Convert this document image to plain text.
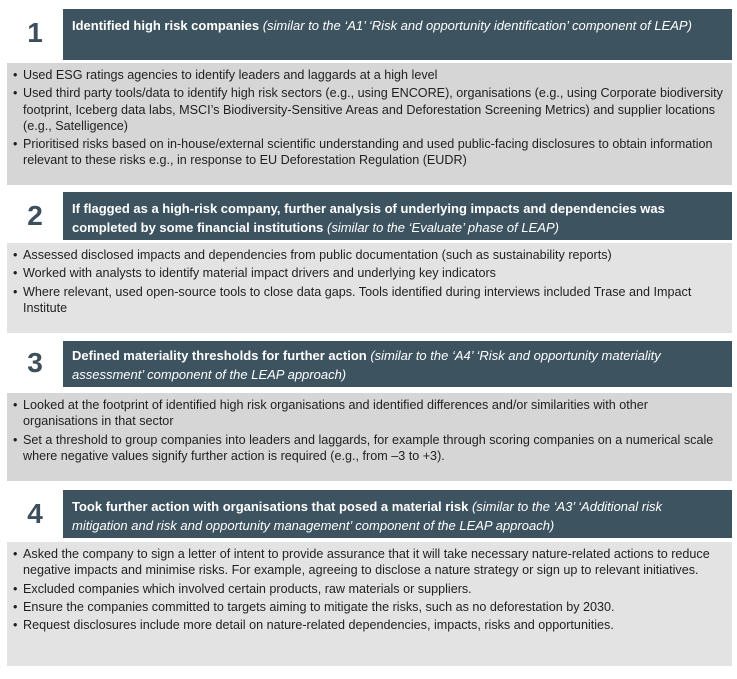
1	Identified high risk companies (similar to the ‘A1’ ‘Risk and opportunity identification’ component of LEAP)
• Used ESG ratings agencies to identify leaders and laggards at a high level
• Used third party tools/data to identify high risk sectors (e.g., using ENCORE), organisations (e.g., using Corporate biodiversity footprint, Iceberg data labs, MSCI’s Biodiversity-Sensitive Areas and Deforestation Screening Metrics) and supplier locations (e.g., Satelligence)
• Prioritised risks based on in-house/external scientific understanding and used public-facing disclosures to obtain information relevant to these risks e.g., in response to EU Deforestation Regulation (EUDR)
2	If flagged as a high-risk company, further analysis of underlying impacts and dependencies was completed by some financial institutions (similar to the ‘Evaluate’ phase of LEAP)
• Assessed disclosed impacts and dependencies from public documentation (such as sustainability reports)
• Worked with analysts to identify material impact drivers and underlying key indicators
• Where relevant, used open-source tools to close data gaps. Tools identified during interviews included Trase and Impact Institute
3	Defined materiality thresholds for further action (similar to the ‘A4’ ‘Risk and opportunity materiality assessment’ component of the LEAP approach)
• Looked at the footprint of identified high risk organisations and identified differences and/or similarities with other organisations in that sector
• Set a threshold to group companies into leaders and laggards, for example through scoring companies on a numerical scale where negative values signify further action is required (e.g., from –3 to +3).
4	Took further action with organisations that posed a material risk (similar to the ‘A3’ ‘Additional risk mitigation and risk and opportunity management’ component of the LEAP approach)
• Asked the company to sign a letter of intent to provide assurance that it will take necessary nature-related actions to reduce negative impacts and minimise risks. For example, agreeing to disclose a nature strategy or sign up to relevant initiatives.
• Excluded companies which involved certain products, raw materials or suppliers.
• Ensure the companies committed to targets aiming to mitigate the risks, such as no deforestation by 2030.
• Request disclosures include more detail on nature-related dependencies, impacts, risks and opportunities.
